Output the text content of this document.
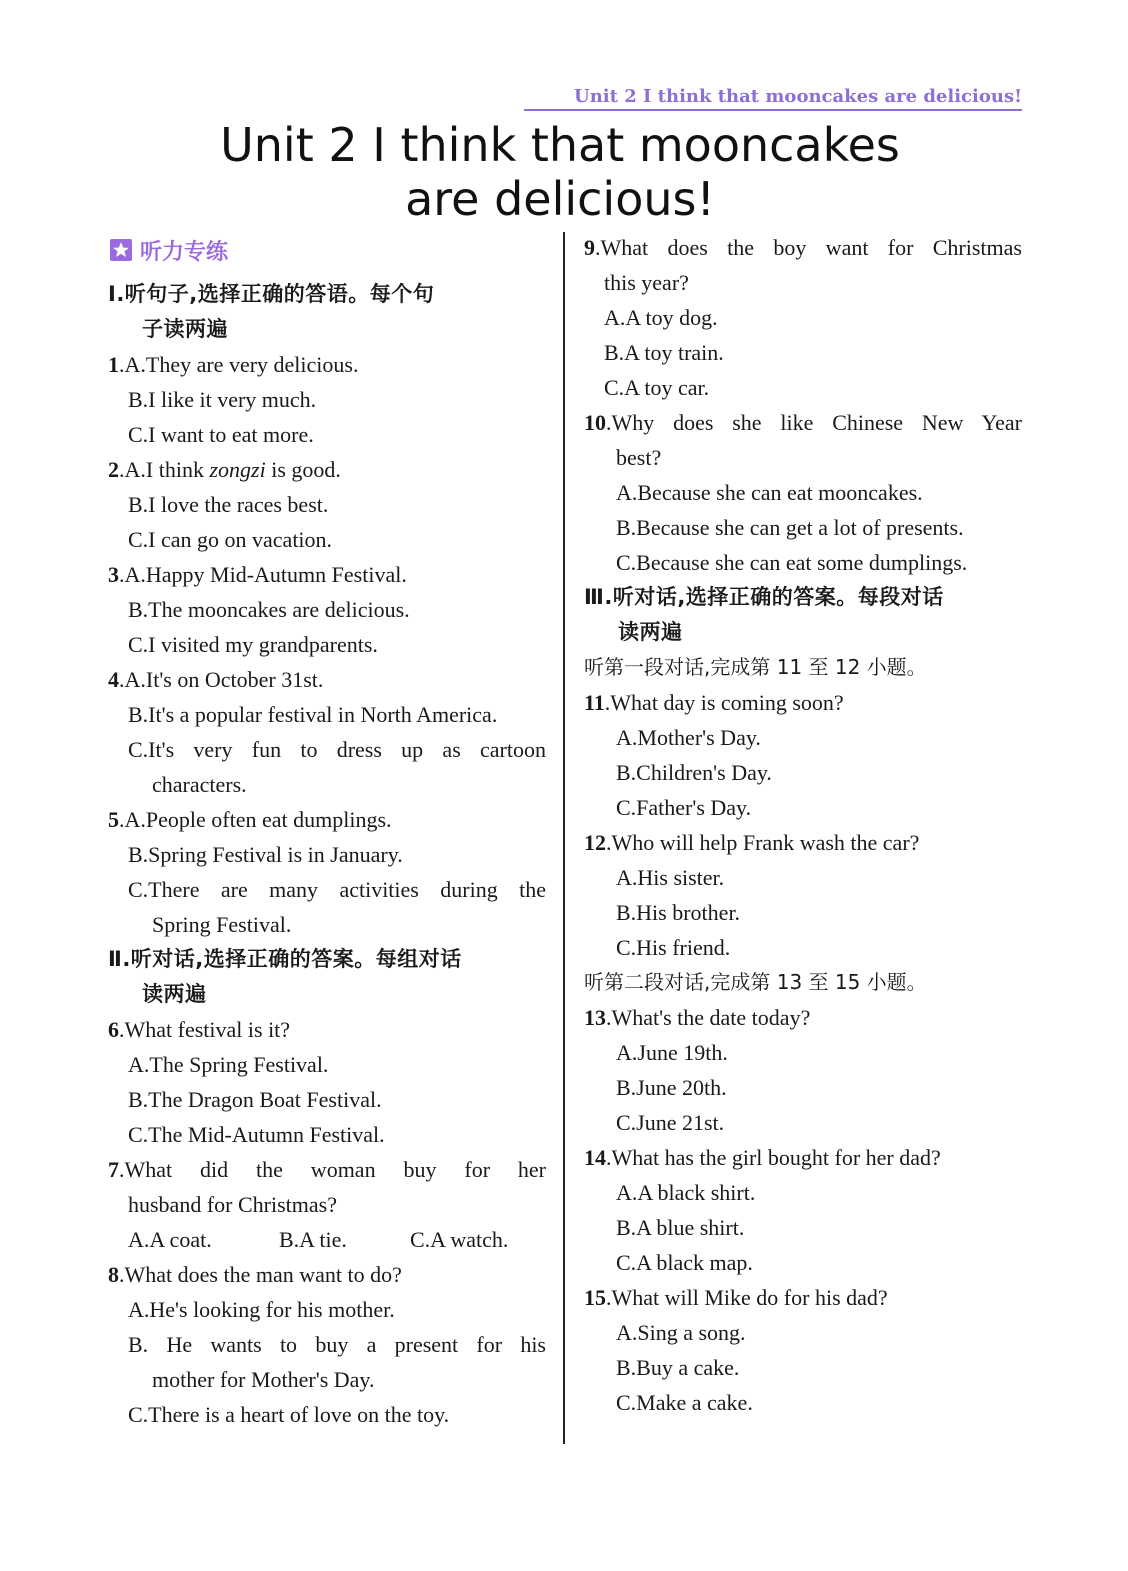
Unit 2 I think that mooncakes are delicious!
Unit 2 I think that mooncakes
are delicious!
听力专练
Ⅰ.听句子,选择正确的答语。每个句
子读两遍
1.A.They are very delicious.
B.I like it very much.
C.I want to eat more.
2.A.I think zongzi is good.
B.I love the races best.
C.I can go on vacation.
3.A.Happy Mid-Autumn Festival.
B.The mooncakes are delicious.
C.I visited my grandparents.
4.A.It's on October 31st.
B.It's a popular festival in North America.
C.It's very fun to dress up as cartoon
characters.
5.A.People often eat dumplings.
B.Spring Festival is in January.
C.There are many activities during the
Spring Festival.
Ⅱ.听对话,选择正确的答案。每组对话
读两遍
6.What festival is it?
A.The Spring Festival.
B.The Dragon Boat Festival.
C.The Mid-Autumn Festival.
7.What did the woman buy for her
husband for Christmas?
A.A coat.	B.A tie.	C.A watch.
8.What does the man want to do?
A.He's looking for his mother.
B. He wants to buy a present for his
mother for Mother's Day.
C.There is a heart of love on the toy.
9.What does the boy want for Christmas
this year?
A.A toy dog.
B.A toy train.
C.A toy car.
10.Why does she like Chinese New Year
best?
A.Because she can eat mooncakes.
B.Because she can get a lot of presents.
C.Because she can eat some dumplings.
Ⅲ.听对话,选择正确的答案。每段对话
读两遍
听第一段对话,完成第 11 至 12 小题。
11.What day is coming soon?
A.Mother's Day.
B.Children's Day.
C.Father's Day.
12.Who will help Frank wash the car?
A.His sister.
B.His brother.
C.His friend.
听第二段对话,完成第 13 至 15 小题。
13.What's the date today?
A.June 19th.
B.June 20th.
C.June 21st.
14.What has the girl bought for her dad?
A.A black shirt.
B.A blue shirt.
C.A black map.
15.What will Mike do for his dad?
A.Sing a song.
B.Buy a cake.
C.Make a cake.
